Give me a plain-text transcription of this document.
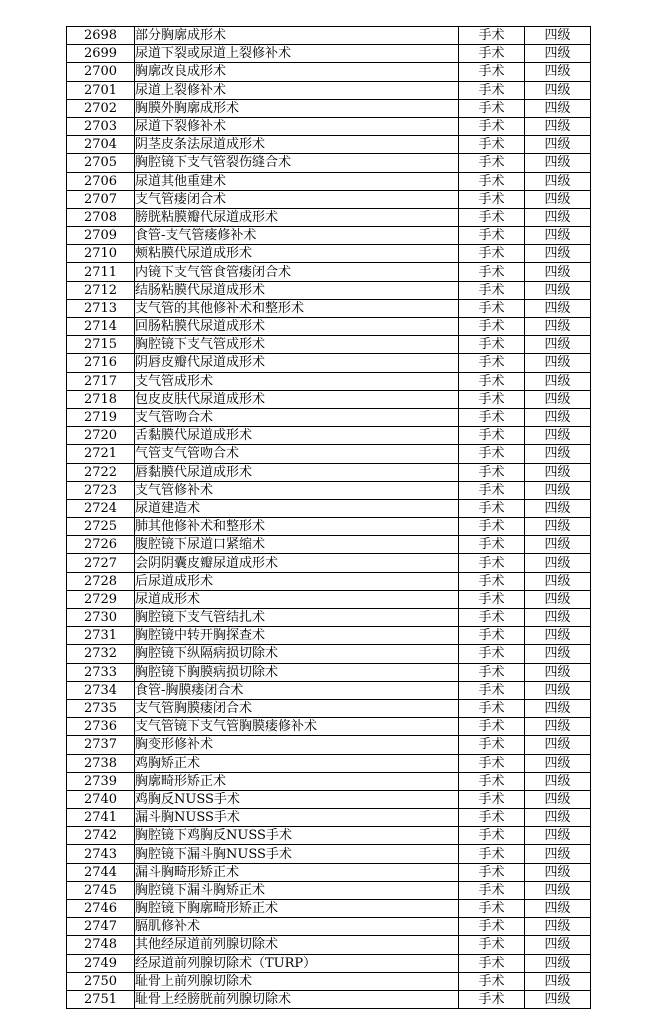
2698	部分胸廓成形术	手术	四级
2699	尿道下裂或尿道上裂修补术	手术	四级
2700	胸廓改良成形术	手术	四级
2701	尿道上裂修补术	手术	四级
2702	胸膜外胸廓成形术	手术	四级
2703	尿道下裂修补术	手术	四级
2704	阴茎皮条法尿道成形术	手术	四级
2705	胸腔镜下支气管裂伤缝合术	手术	四级
2706	尿道其他重建术	手术	四级
2707	支气管瘘闭合术	手术	四级
2708	膀胱粘膜瓣代尿道成形术	手术	四级
2709	食管-支气管瘘修补术	手术	四级
2710	颊粘膜代尿道成形术	手术	四级
2711	内镜下支气管食管瘘闭合术	手术	四级
2712	结肠粘膜代尿道成形术	手术	四级
2713	支气管的其他修补术和整形术	手术	四级
2714	回肠粘膜代尿道成形术	手术	四级
2715	胸腔镜下支气管成形术	手术	四级
2716	阴唇皮瓣代尿道成形术	手术	四级
2717	支气管成形术	手术	四级
2718	包皮皮肤代尿道成形术	手术	四级
2719	支气管吻合术	手术	四级
2720	舌黏膜代尿道成形术	手术	四级
2721	气管支气管吻合术	手术	四级
2722	唇黏膜代尿道成形术	手术	四级
2723	支气管修补术	手术	四级
2724	尿道建造术	手术	四级
2725	肺其他修补术和整形术	手术	四级
2726	腹腔镜下尿道口紧缩术	手术	四级
2727	会阴阴囊皮瓣尿道成形术	手术	四级
2728	后尿道成形术	手术	四级
2729	尿道成形术	手术	四级
2730	胸腔镜下支气管结扎术	手术	四级
2731	胸腔镜中转开胸探查术	手术	四级
2732	胸腔镜下纵隔病损切除术	手术	四级
2733	胸腔镜下胸膜病损切除术	手术	四级
2734	食管-胸膜瘘闭合术	手术	四级
2735	支气管胸膜瘘闭合术	手术	四级
2736	支气管镜下支气管胸膜瘘修补术	手术	四级
2737	胸变形修补术	手术	四级
2738	鸡胸矫正术	手术	四级
2739	胸廓畸形矫正术	手术	四级
2740	鸡胸反NUSS手术	手术	四级
2741	漏斗胸NUSS手术	手术	四级
2742	胸腔镜下鸡胸反NUSS手术	手术	四级
2743	胸腔镜下漏斗胸NUSS手术	手术	四级
2744	漏斗胸畸形矫正术	手术	四级
2745	胸腔镜下漏斗胸矫正术	手术	四级
2746	胸腔镜下胸廓畸形矫正术	手术	四级
2747	膈肌修补术	手术	四级
2748	其他经尿道前列腺切除术	手术	四级
2749	经尿道前列腺切除术（TURP）	手术	四级
2750	耻骨上前列腺切除术	手术	四级
2751	耻骨上经膀胱前列腺切除术	手术	四级
